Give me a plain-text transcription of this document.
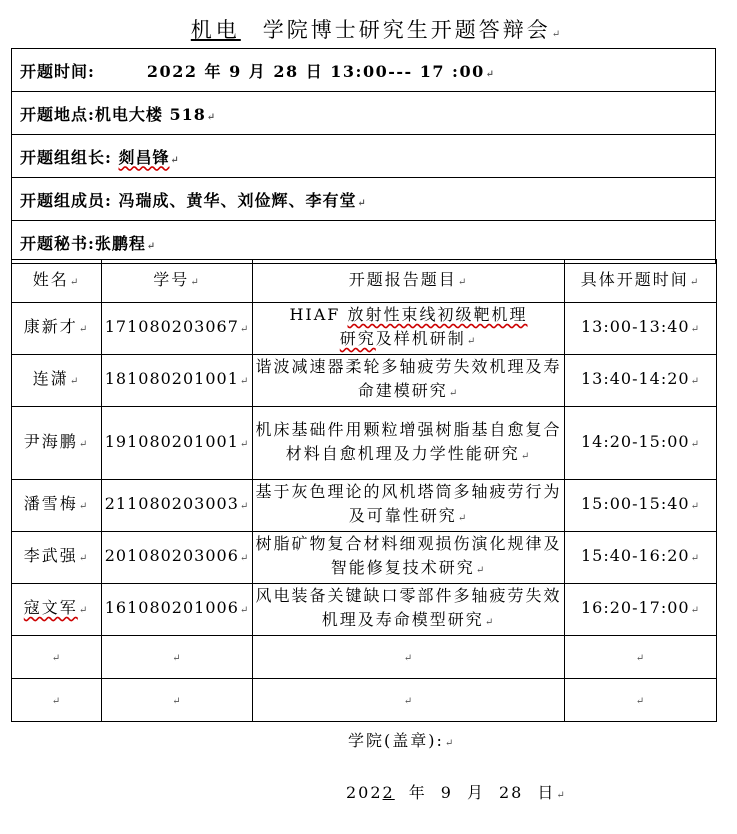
机电 学院博士研究生开题答辩会↵
开题时间:	2022 年 9 月 28 日 13:00--- 17 :00↵
开题地点:机电大楼 518↵
开题组组长: 剡昌锋↵
开题组成员: 冯瑞成、黄华、刘俭辉、李有堂↵
开题秘书:张鹏程↵
姓名↵	学号↵	开题报告题目↵	具体开题时间↵
康新才↵	171080203067↵	HIAF 放射性束线初级靶机理
研究及样机研制↵	13:00-13:40↵
连潇↵	181080201001↵	谐波减速器柔轮多轴疲劳失效机理及寿命建模研究↵	13:40-14:20↵
尹海鹏↵	191080201001↵	机床基础件用颗粒增强树脂基自愈复合材料自愈机理及力学性能研究↵	14:20-15:00↵
潘雪梅↵	211080203003↵	基于灰色理论的风机塔筒多轴疲劳行为及可靠性研究↵	15:00-15:40↵
李武强↵	201080203006↵	树脂矿物复合材料细观损伤演化规律及智能修复技术研究↵	15:40-16:20↵
寇文军↵	161080201006↵	风电装备关键缺口零部件多轴疲劳失效机理及寿命模型研究↵	16:20-17:00↵
↵	↵	↵	↵
↵	↵	↵	↵
学院(盖章):↵
2022 年 9 月 28 日↵
